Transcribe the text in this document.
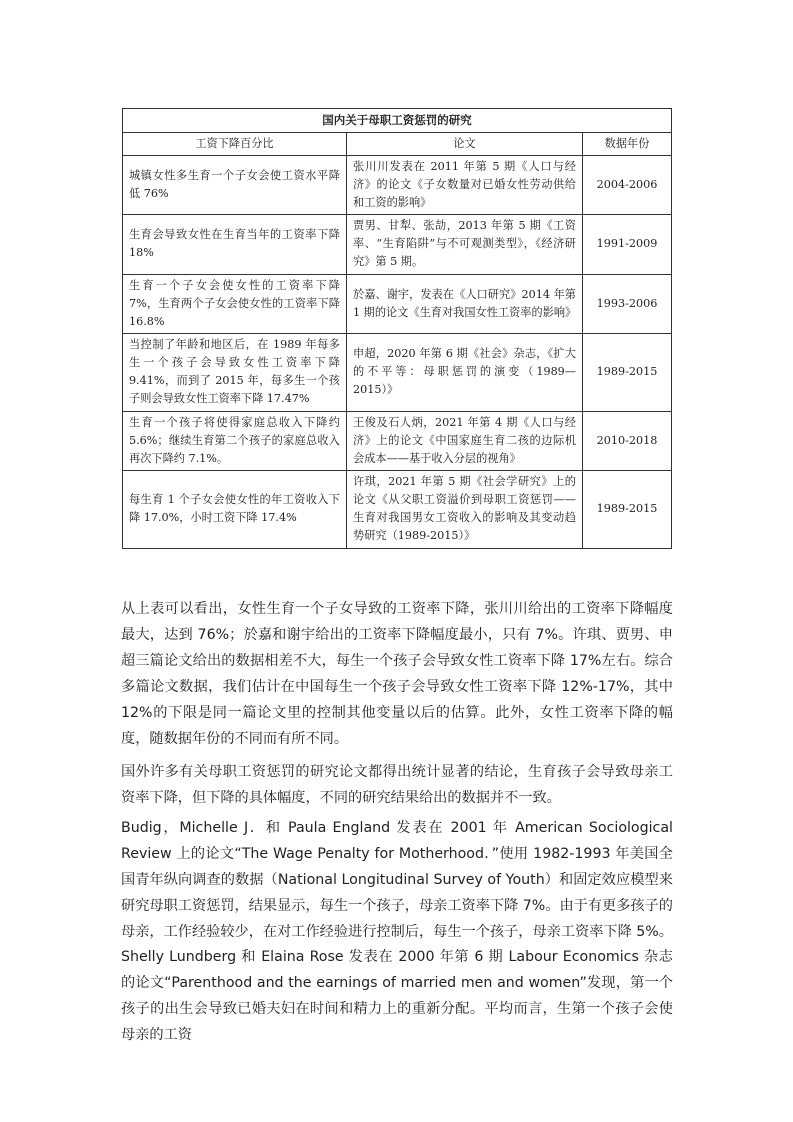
国内关于母职工资惩罚的研究		
工资下降百分比	论文	数据年份
城镇女性多生育一个子女会使工资水平降低 76%	张川川发表在 2011 年第 5 期《人口与经济》的论文《子女数量对已婚女性劳动供给和工资的影响》	2004-2006
生育会导致女性在生育当年的工资率下降 18%	贾男、甘犁、张劼，2013 年第 5 期《工资率、“生育陷阱”与不可观测类型》，《经济研究》第 5 期。	1991-2009
生育一个子女会使女性的工资率下降 7%，生育两个子女会使女性的工资率下降 16.8%	於嘉、谢宇，发表在《人口研究》2014 年第 1 期的论文《生育对我国女性工资率的影响》	1993-2006
当控制了年龄和地区后，在 1989 年每多生一个孩子会导致女性工资率下降 9.41%，而到了 2015 年，每多生一个孩子则会导致女性工资率下降 17.47%	申超，2020 年第 6 期《社会》杂志，《扩大的不平等：母职惩罚的演变（1989—2015）》	1989-2015
生育一个孩子将使得家庭总收入下降约 5.6%；继续生育第二个孩子的家庭总收入再次下降约 7.1%。	王俊及石人炳，2021 年第 4 期《人口与经济》上的论文《中国家庭生育二孩的边际机会成本——基于收入分层的视角》	2010-2018
每生育 1 个子女会使女性的年工资收入下降 17.0%，小时工资下降 17.4%	许琪，2021 年第 5 期《社会学研究》上的论文《从父职工资溢价到母职工资惩罚——生育对我国男女工资收入的影响及其变动趋势研究（1989-2015）》	1989-2015

从上表可以看出，女性生育一个子女导致的工资率下降，张川川给出的工资率下降幅度最大，达到 76%；於嘉和谢宇给出的工资率下降幅度最小，只有 7%。许琪、贾男、申超三篇论文给出的数据相差不大，每生一个孩子会导致女性工资率下降 17%左右。综合多篇论文数据，我们估计在中国每生一个孩子会导致女性工资率下降 12%-17%，其中 12%的下限是同一篇论文里的控制其他变量以后的估算。此外，女性工资率下降的幅度，随数据年份的不同而有所不同。

国外许多有关母职工资惩罚的研究论文都得出统计显著的结论，生育孩子会导致母亲工资率下降，但下降的具体幅度，不同的研究结果给出的数据并不一致。

Budig，Michelle J．和 Paula England 发表在 2001 年 American Sociological Review 上的论文“The Wage Penalty for Motherhood．”使用 1982-1993 年美国全国青年纵向调查的数据（National Longitudinal Survey of Youth）和固定效应模型来研究母职工资惩罚，结果显示，每生一个孩子，母亲工资率下降 7%。由于有更多孩子的母亲，工作经验较少，在对工作经验进行控制后，每生一个孩子，母亲工资率下降 5%。

Shelly Lundberg 和 Elaina Rose 发表在 2000 年第 6 期 Labour Economics 杂志的论文“Parenthood and the earnings of married men and women”发现，第一个孩子的出生会导致已婚夫妇在时间和精力上的重新分配。平均而言，生第一个孩子会使母亲的工资
